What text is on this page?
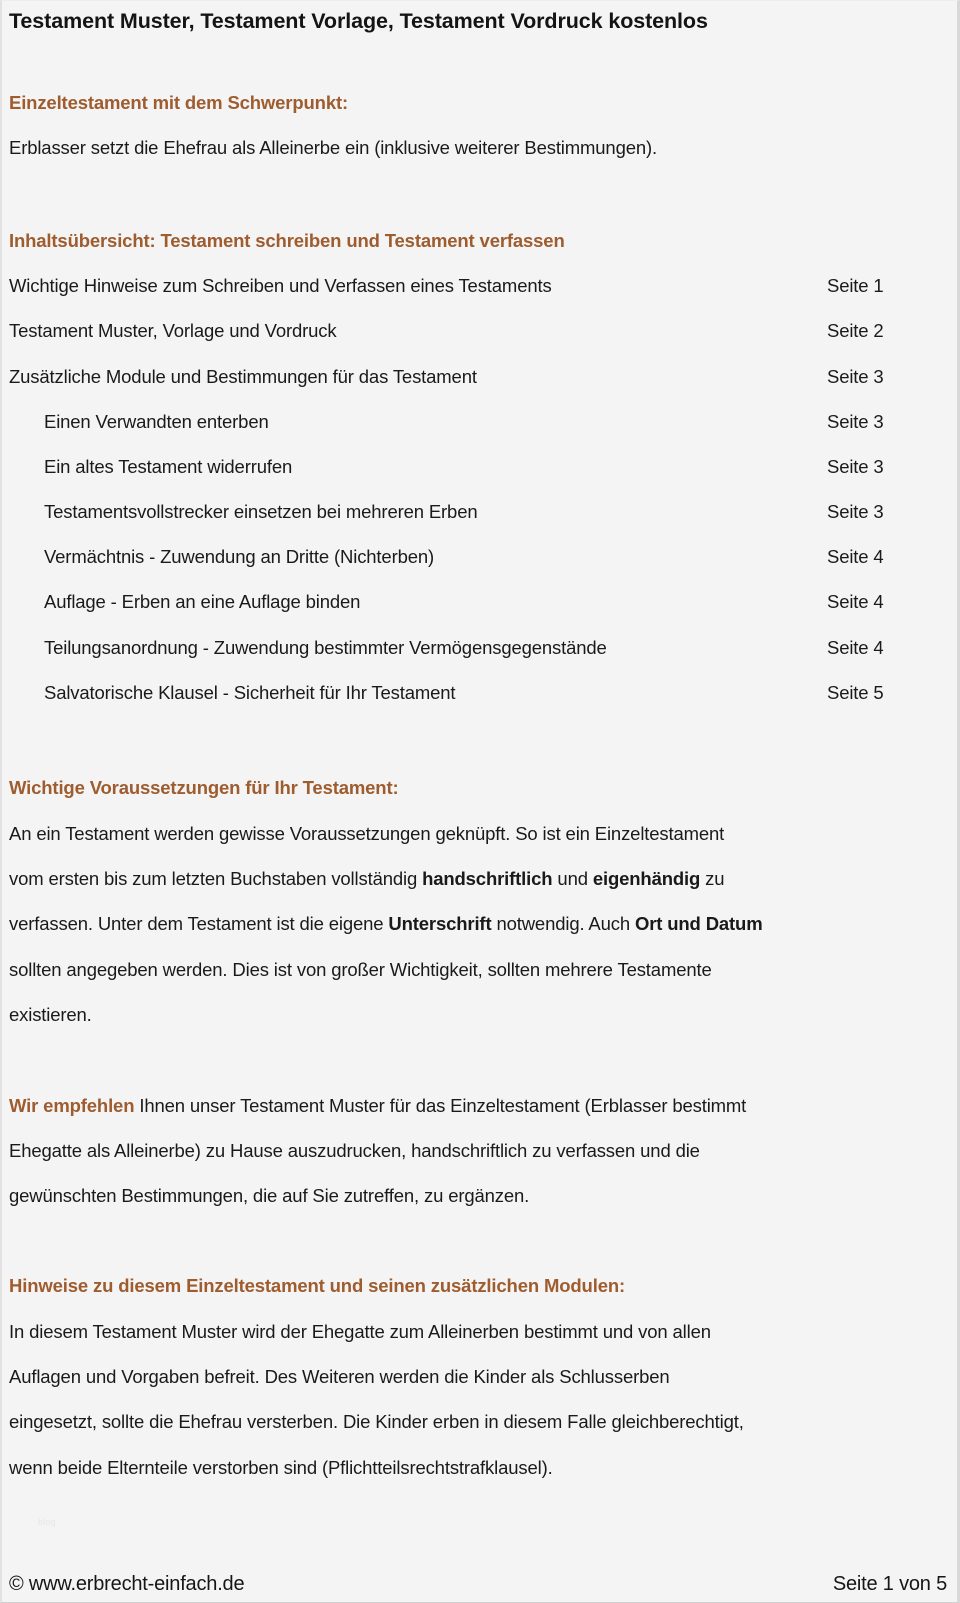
Testament Muster, Testament Vorlage, Testament Vordruck kostenlos
Einzeltestament mit dem Schwerpunkt:
Erblasser setzt die Ehefrau als Alleinerbe ein (inklusive weiterer Bestimmungen).
Inhaltsübersicht: Testament schreiben und Testament verfassen
Wichtige Hinweise zum Schreiben und Verfassen eines Testaments	Seite 1
Testament Muster, Vorlage und Vordruck	Seite 2
Zusätzliche Module und Bestimmungen für das Testament	Seite 3
Einen Verwandten enterben	Seite 3
Ein altes Testament widerrufen	Seite 3
Testamentsvollstrecker einsetzen bei mehreren Erben	Seite 3
Vermächtnis - Zuwendung an Dritte (Nichterben)	Seite 4
Auflage - Erben an eine Auflage binden	Seite 4
Teilungsanordnung - Zuwendung bestimmter Vermögensgegenstände	Seite 4
Salvatorische Klausel - Sicherheit für Ihr Testament	Seite 5
Wichtige Voraussetzungen für Ihr Testament:
An ein Testament werden gewisse Voraussetzungen geknüpft. So ist ein Einzeltestament
vom ersten bis zum letzten Buchstaben vollständig handschriftlich und eigenhändig zu
verfassen. Unter dem Testament ist die eigene Unterschrift notwendig. Auch Ort und Datum
sollten angegeben werden. Dies ist von großer Wichtigkeit, sollten mehrere Testamente
existieren.
Wir empfehlen Ihnen unser Testament Muster für das Einzeltestament (Erblasser bestimmt
Ehegatte als Alleinerbe) zu Hause auszudrucken, handschriftlich zu verfassen und die
gewünschten Bestimmungen, die auf Sie zutreffen, zu ergänzen.
Hinweise zu diesem Einzeltestament und seinen zusätzlichen Modulen:
In diesem Testament Muster wird der Ehegatte zum Alleinerben bestimmt und von allen
Auflagen und Vorgaben befreit. Des Weiteren werden die Kinder als Schlusserben
eingesetzt, sollte die Ehefrau versterben. Die Kinder erben in diesem Falle gleichberechtigt,
wenn beide Elternteile verstorben sind (Pflichtteilsrechtstrafklausel).
blog
© www.erbrecht-einfach.de	Seite 1 von 5
